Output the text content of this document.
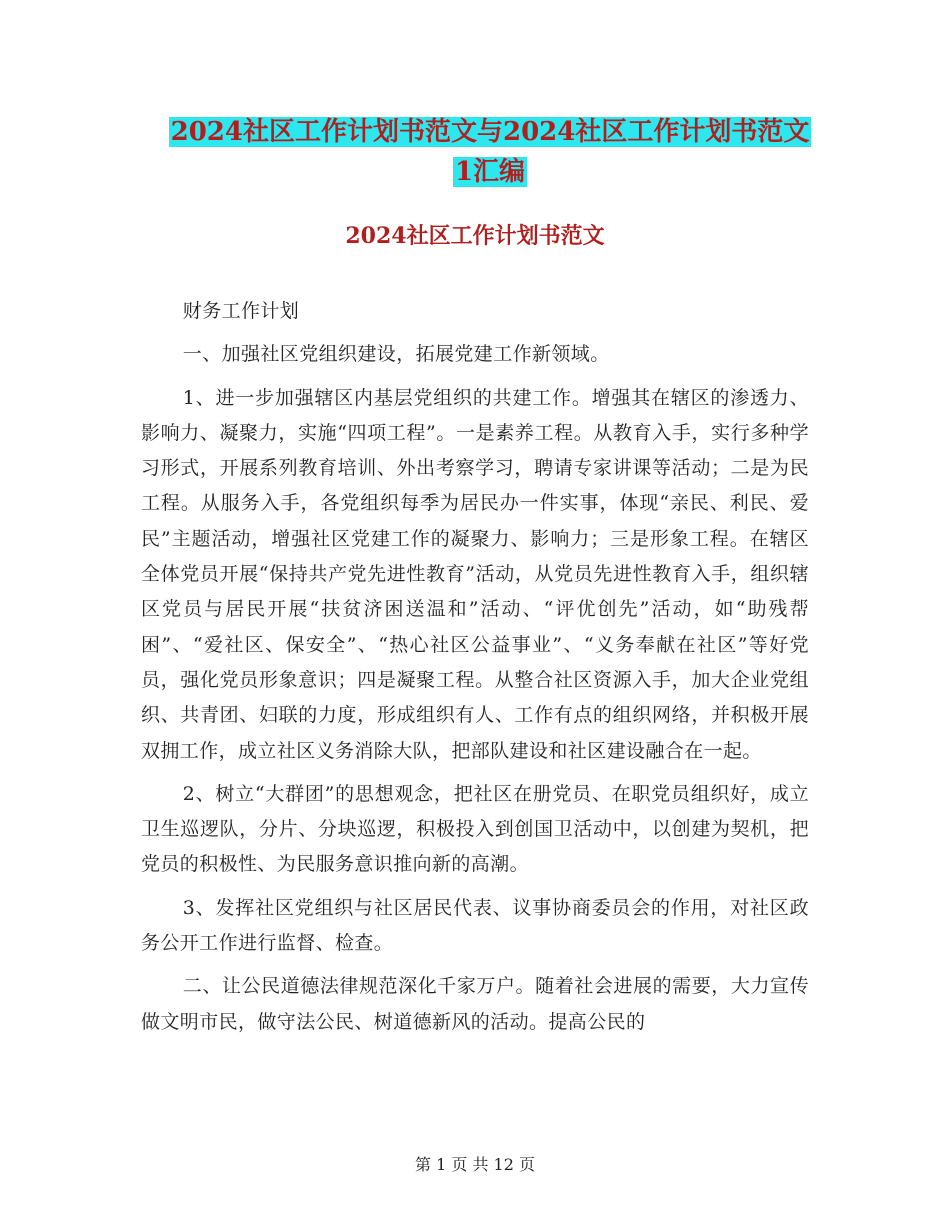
2024社区工作计划书范文与2024社区工作计划书范文
1汇编
2024社区工作计划书范文

财务工作计划

一、加强社区党组织建设，拓展党建工作新领域。

1、进一步加强辖区内基层党组织的共建工作。增强其在辖区的渗透力、影响力、凝聚力，实施“四项工程”。一是素养工程。从教育入手，实行多种学习形式，开展系列教育培训、外出考察学习，聘请专家讲课等活动；二是为民工程。从服务入手，各党组织每季为居民办一件实事，体现“亲民、利民、爱民”主题活动，增强社区党建工作的凝聚力、影响力；三是形象工程。在辖区全体党员开展“保持共产党先进性教育”活动，从党员先进性教育入手，组织辖区党员与居民开展“扶贫济困送温和”活动、“评优创先”活动，如“助残帮困”、“爱社区、保安全”、“热心社区公益事业”、“义务奉献在社区”等好党员，强化党员形象意识；四是凝聚工程。从整合社区资源入手，加大企业党组织、共青团、妇联的力度，形成组织有人、工作有点的组织网络，并积极开展双拥工作，成立社区义务消除大队，把部队建设和社区建设融合在一起。

2、树立“大群团”的思想观念，把社区在册党员、在职党员组织好，成立卫生巡逻队，分片、分块巡逻，积极投入到创国卫活动中，以创建为契机，把党员的积极性、为民服务意识推向新的高潮。

3、发挥社区党组织与社区居民代表、议事协商委员会的作用，对社区政务公开工作进行监督、检查。

二、让公民道德法律规范深化千家万户。随着社会进展的需要，大力宣传做文明市民，做守法公民、树道德新风的活动。提高公民的

第 1 页 共 12 页
